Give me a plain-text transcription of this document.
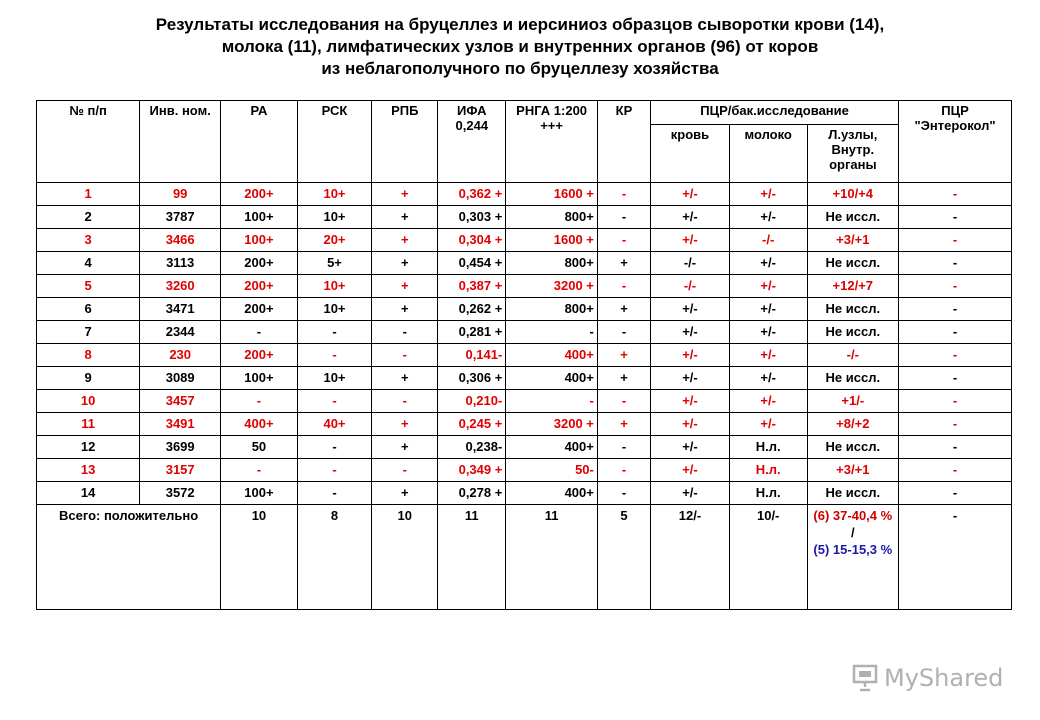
Результаты исследования на бруцеллез и иерсиниоз образцов сыворотки крови (14),
молока (11), лимфатических узлов и внутренних органов (96) от коров
из неблагополучного по бруцеллезу хозяйства
№ п/п	Инв. ном.	РА	РСК	РПБ	ИФА 0,244	РНГА 1:200 +++	КР	ПЦР/бак.исследование			ПЦР "Энтерокол"
								кровь	молоко	Л.узлы, Внутр. органы	
1	99	200+	10+	+	0,362 +	1600 +	-	+/-	+/-	+10/+4	-
2	3787	100+	10+	+	0,303 +	800+	-	+/-	+/-	Не иссл.	-
3	3466	100+	20+	+	0,304 +	1600 +	-	+/-	-/-	+3/+1	-
4	3113	200+	5+	+	0,454 +	800+	+	-/-	+/-	Не иссл.	-
5	3260	200+	10+	+	0,387 +	3200 +	-	-/-	+/-	+12/+7	-
6	3471	200+	10+	+	0,262 +	800+	+	+/-	+/-	Не иссл.	-
7	2344	-	-	-	0,281 +	-	-	+/-	+/-	Не иссл.	-
8	230	200+	-	-	0,141-	400+	+	+/-	+/-	-/-	-
9	3089	100+	10+	+	0,306 +	400+	+	+/-	+/-	Не иссл.	-
10	3457	-	-	-	0,210-	-	-	+/-	+/-	+1/-	-
11	3491	400+	40+	+	0,245 +	3200 +	+	+/-	+/-	+8/+2	-
12	3699	50	-	+	0,238-	400+	-	+/-	Н.л.	Не иссл.	-
13	3157	-	-	-	0,349 +	50-	-	+/-	Н.л.	+3/+1	-
14	3572	100+	-	+	0,278 +	400+	-	+/-	Н.л.	Не иссл.	-
Всего: положительно		10	8	10	11	11	5	12/-	10/-	(6) 37-40,4 %
/
(5) 15-15,3 %	-
MyShared
